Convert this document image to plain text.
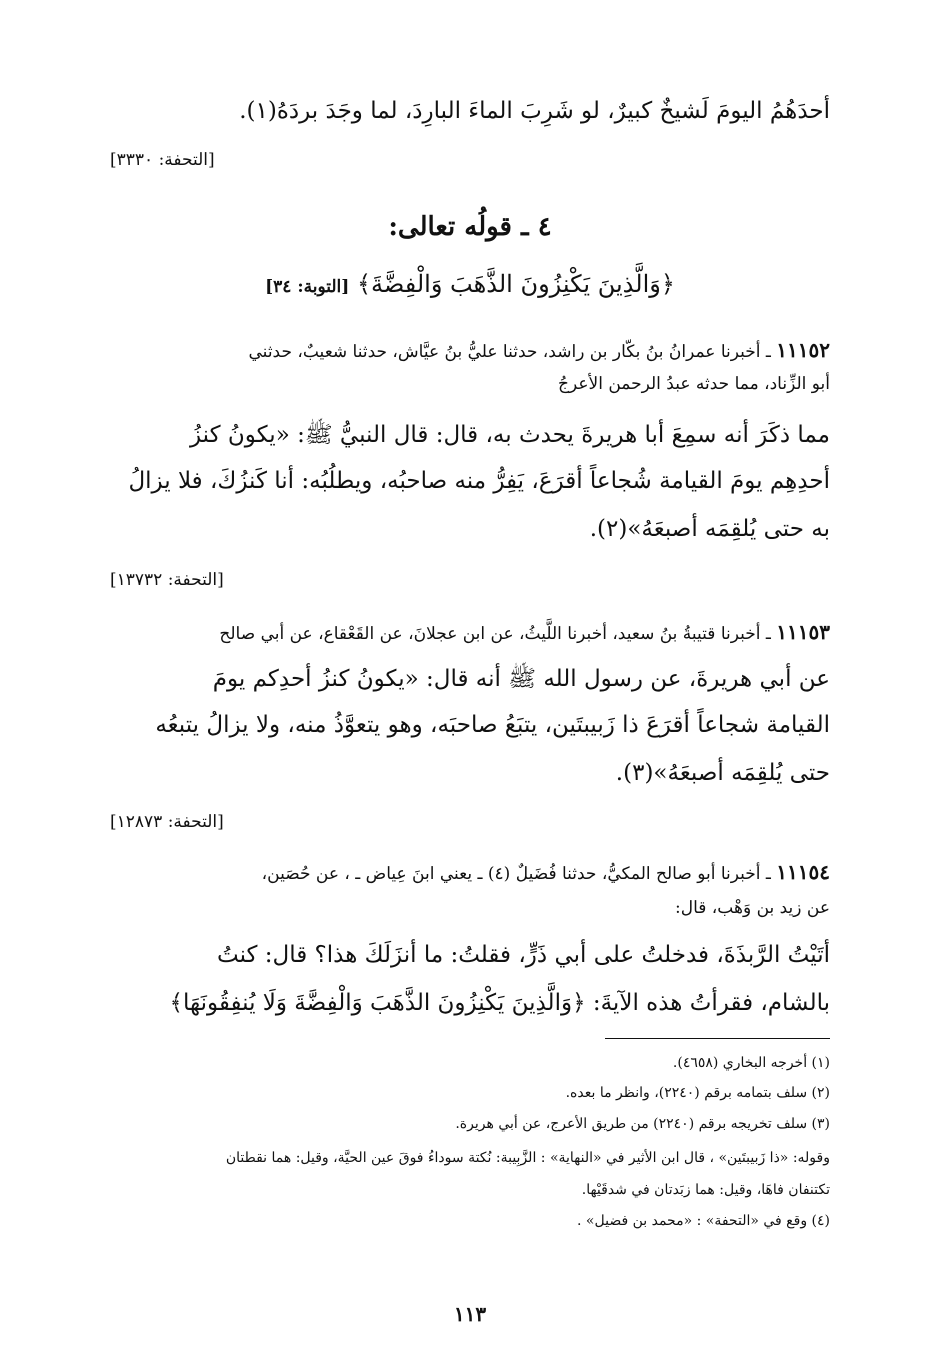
أحدَهُمُ اليومَ لَشيخٌ كبيرٌ، لو شَرِبَ الماءَ البارِدَ، لما وجَدَ بردَهُ(١).
[التحفة: ٣٣٣٠]
٤ ـ قولُه تعالى:
﴿وَالَّذِينَ يَكْنِزُونَ الذَّهَبَ وَالْفِضَّةَ﴾ [التوبة: ٣٤]
١١١٥٢ ـ أخبرنا عمرانُ بنُ بكّار بن راشد، حدثنا عليُّ بنُ عيَّاش، حدثنا شعيبٌ، حدثني
أبو الزِّناد، مما حدثه عبدُ الرحمن الأعرجُ
مما ذكَرَ أنه سمِعَ أبا هريرةَ يحدث به، قال: قال النبيُّ ﷺ: «يكونُ كنزُ
أحدِهِم يومَ القيامة شُجاعاً أقرَعَ، يَفِرُّ منه صاحبُه، ويطلُبُه: أنا كَنزُكَ، فلا يزالُ
به حتى يُلقِمَه أصبعَهُ»(٢).
[التحفة: ١٣٧٣٢]
١١١٥٣ ـ أخبرنا قتيبةُ بنُ سعيد، أخبرنا اللَّيثُ، عن ابن عجلانَ، عن القَعْقاع، عن أبي صالح
عن أبي هريرةَ، عن رسول الله ﷺ أنه قال: «يكونُ كنزُ أحدِكم يومَ
القيامة شجاعاً أقرَعَ ذا زَبيبتَين، يتبَعُ صاحبَه، وهو يتعوَّذُ منه، ولا يزالُ يتبعُه
حتى يُلقِمَه أصبعَهُ»(٣).
[التحفة: ١٢٨٧٣]
١١١٥٤ ـ أخبرنا أبو صالح المكيُّ، حدثنا فُضَيلٌ (٤) ـ يعني ابنَ عِياض ـ ، عن حُصَين،
عن زيد بن وَهْب، قال:
أتَيْتُ الرَّبذَةَ، فدخلتُ على أبي ذَرٍّ، فقلتُ: ما أنزَلَكَ هذا؟ قال: كنتُ
بالشام، فقرأتُ هذه الآيةَ: ﴿وَالَّذِينَ يَكْنِزُونَ الذَّهَبَ وَالْفِضَّةَ وَلَا يُنفِقُونَهَا﴾
(١) أخرجه البخاري (٤٦٥٨).
(٢) سلف بتمامه برقم (٢٢٤٠)، وانظر ما بعده.
(٣) سلف تخريجه برقم (٢٢٤٠) من طريق الأعرج، عن أبي هريرة.
وقوله: «ذا زَبيبتَين» ، قال ابن الأثير في «النهاية» : الزَّبِيبة: نُكتة سوداءُ فوقَ عين الحيَّة، وقيل: هما نقطتان
تكتنفان فاهَا، وقيل: هما زبَدتان في شدقَيْها.
(٤) وقع في «التحفة» : «محمد بن فضيل» .
١١٣
